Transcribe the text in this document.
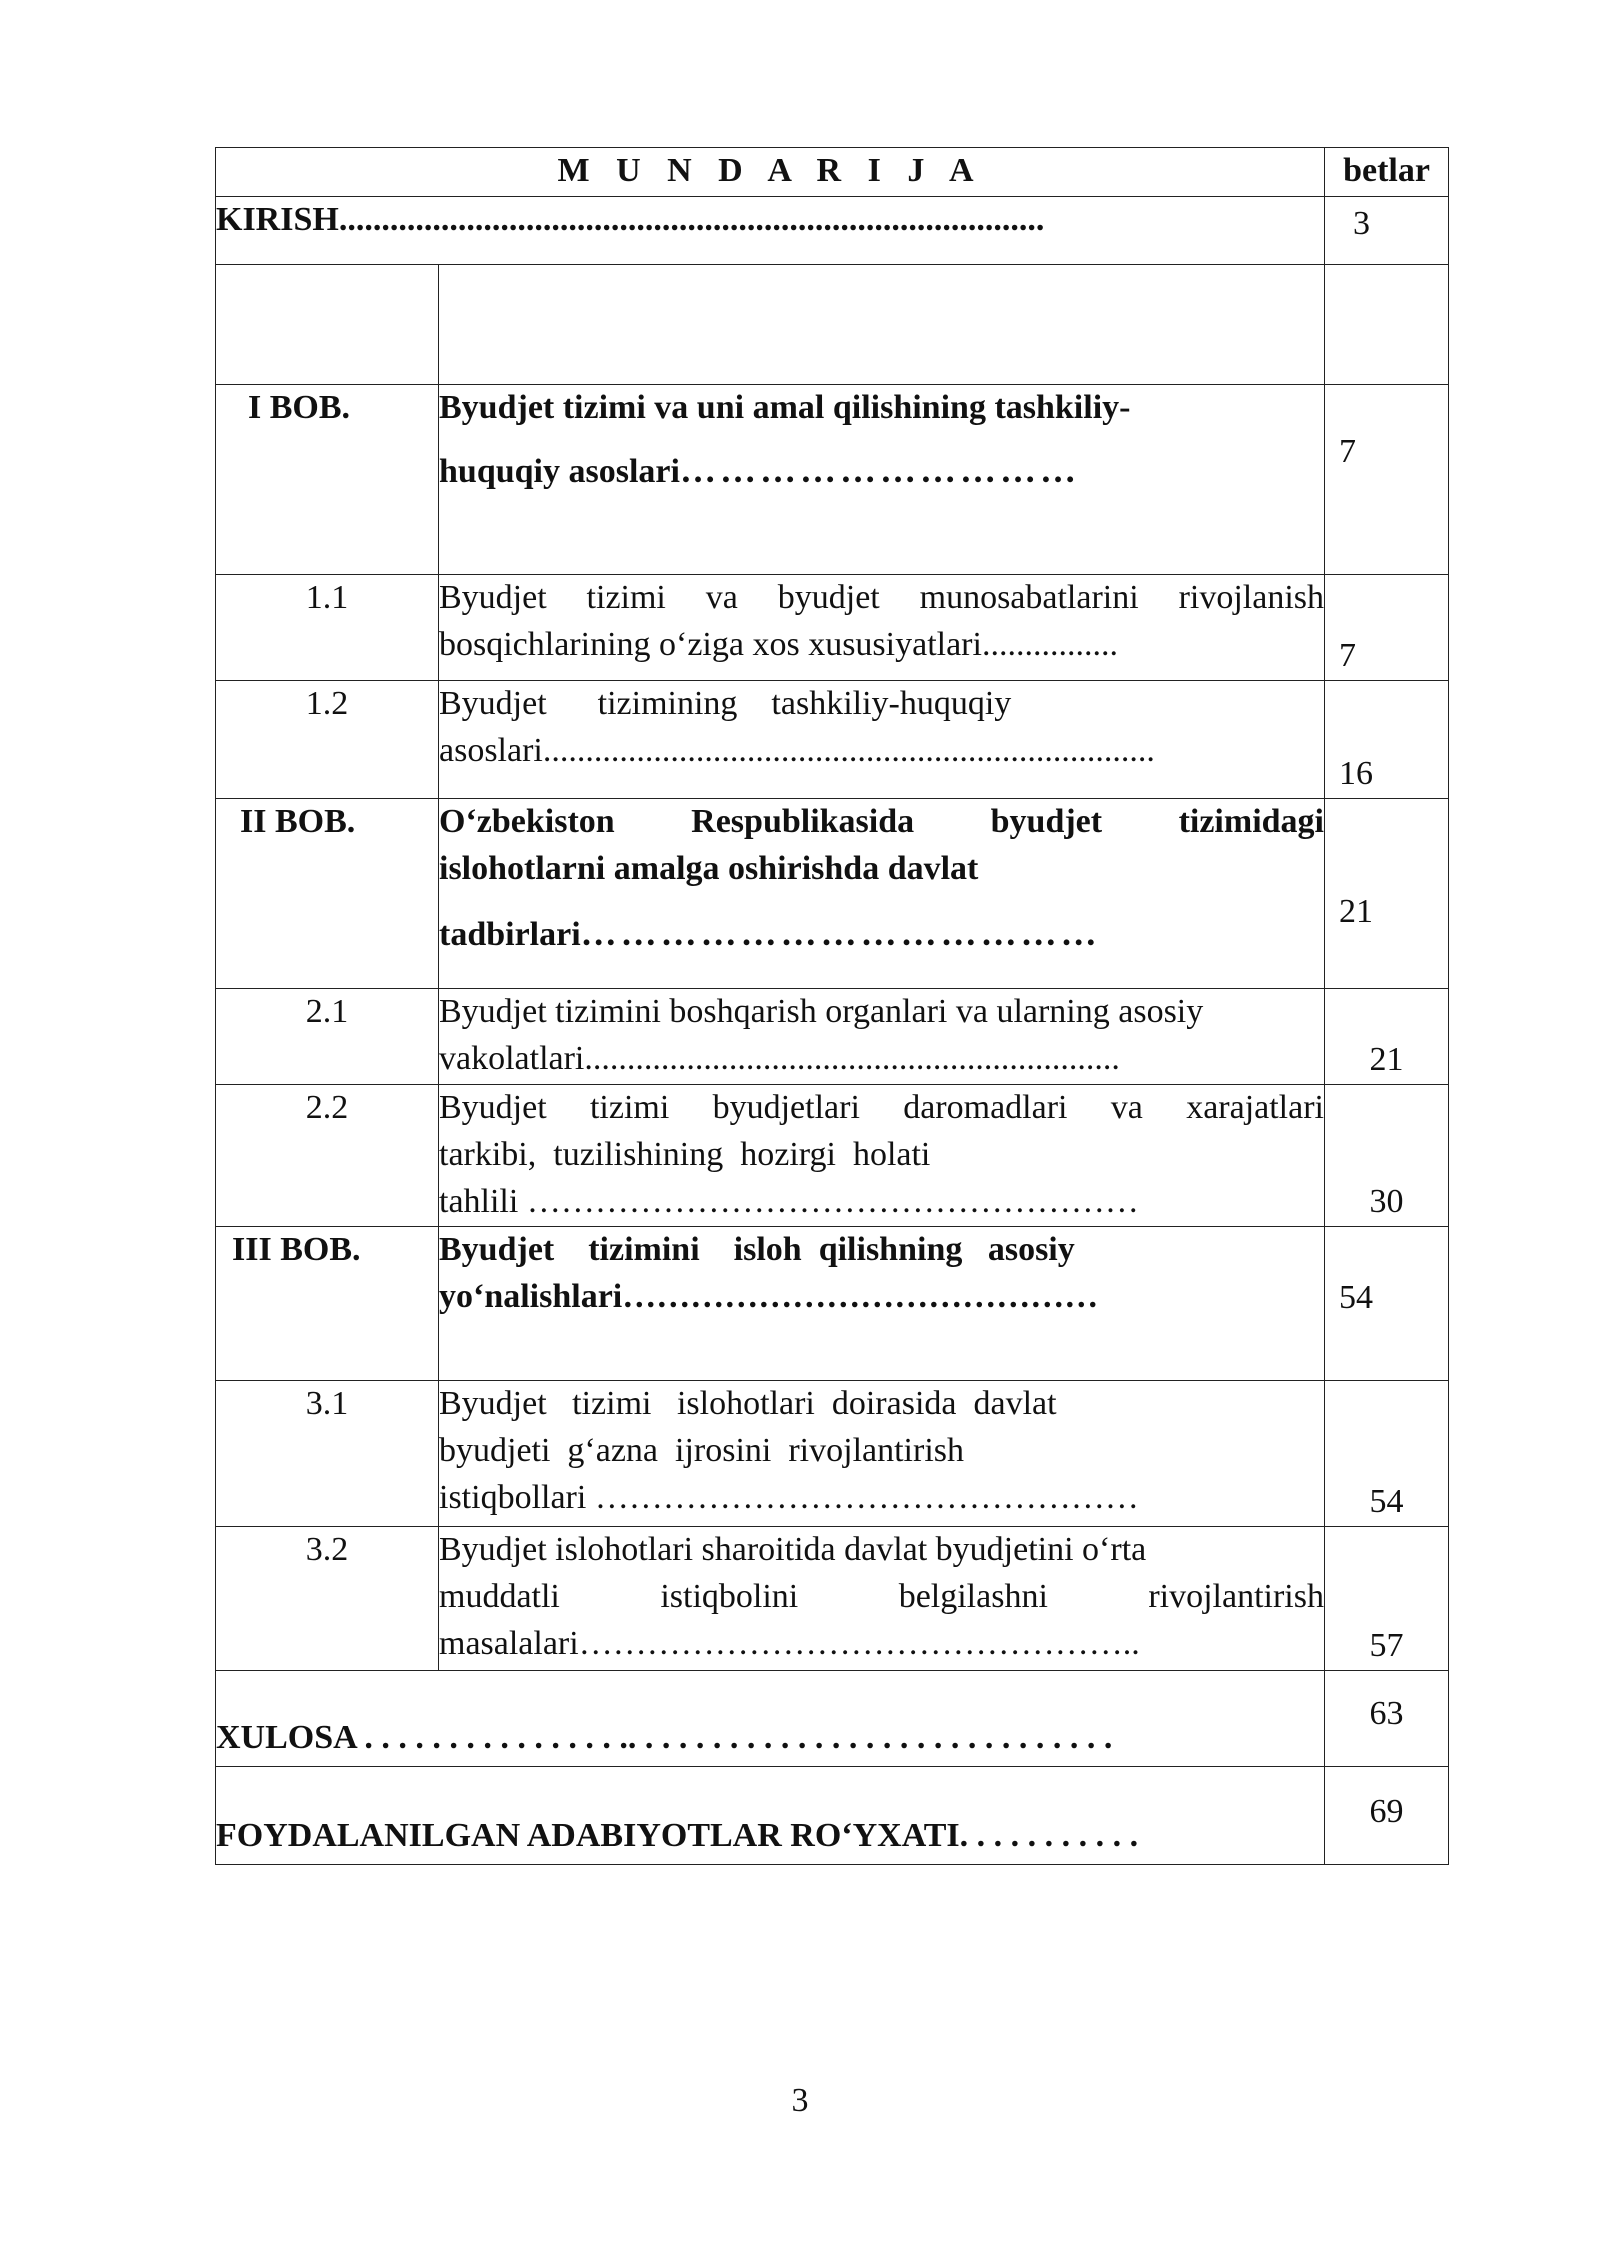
M U N D A R I J A		betlar
KIRISH...................................................................................		3

I BOB.	Byudjet tizimi va uni amal qilishining tashkiliy-
huquqiy asoslari…………………………	7
1.1	Byudjet tizimi va byudjet munosabatlarini rivojlanish bosqichlarining o‘ziga xos xususiyatlari................	7
1.2	Byudjet      tizimining    tashkiliy-huquqiy
asoslari........................................................................	16
II BOB.	O‘zbekiston  Respublikasida  byudjet  tizimidagi
islohotlarni amalga oshirishda davlat
tadbirlari…………………………………	21
2.1	Byudjet tizimini boshqarish organlari va ularning asosiy vakolatlari...............................................................	21
2.2	Byudjet  tizimi  byudjetlari  daromadlari  va  xarajatlari
tarkibi,  tuzilishining  hozirgi  holati
tahlili ………………………………………………	30
III BOB.	Byudjet    tizimini    isloh  qilishning   asosiy
yo‘nalishlari……………………………………	54
3.1	Byudjet   tizimi   islohotlari  doirasida  davlat
byudjeti  g‘azna  ijrosini  rivojlantirish
istiqbollari …………………………………………	54
3.2	Byudjet islohotlari sharoitida davlat byudjetini o‘rta
muddatli    istiqbolini    belgilashni    rivojlantirish
masalalari…………………………………………..	57
XULOSA . . . . . . . . . . . . . . . .. . . . . . . . . . . . . . . . . . . . . . . . . . . . .		63
FOYDALANILGAN ADABIYOTLAR RO‘YXATI. . . . . . . . . . .		69
3
